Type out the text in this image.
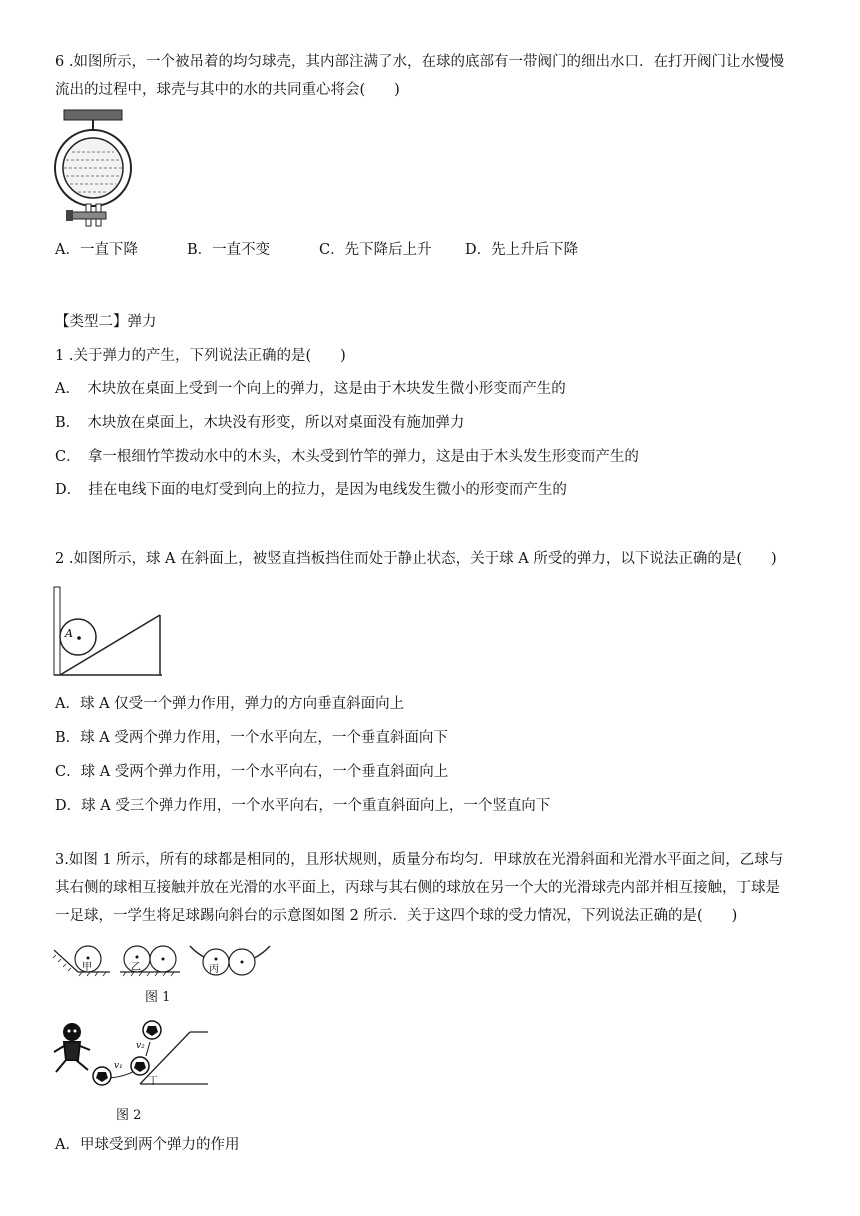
6 .如图所示，一个被吊着的均匀球壳，其内部注满了水，在球的底部有一带阀门的细出水口．在打开阀门让水慢慢
流出的过程中，球壳与其中的水的共同重心将会(　　)
A．一直下降	B．一直不变	C．先下降后上升 D．先上升后下降
【类型二】弹力
1 .关于弹力的产生，下列说法正确的是(　　)
A．　木块放在桌面上受到一个向上的弹力，这是由于木块发生微小形变而产生的
B．　木块放在桌面上，木块没有形变，所以对桌面没有施加弹力
C．　拿一根细竹竿拨动水中的木头，木头受到竹竿的弹力，这是由于木头发生形变而产生的
D．　挂在电线下面的电灯受到向上的拉力，是因为电线发生微小的形变而产生的
2 .如图所示，球 A 在斜面上，被竖直挡板挡住而处于静止状态，关于球 A 所受的弹力，以下说法正确的是(　　)
A
A．球 A 仅受一个弹力作用，弹力的方向垂直斜面向上
B．球 A 受两个弹力作用，一个水平向左，一个垂直斜面向下
C．球 A 受两个弹力作用，一个水平向右，一个垂直斜面向上
D．球 A 受三个弹力作用，一个水平向右，一个重直斜面向上，一个竖直向下
3.如图 1 所示，所有的球都是相同的，且形状规则，质量分布均匀．甲球放在光滑斜面和光滑水平面之间，乙球与
其右侧的球相互接触并放在光滑的水平面上，丙球与其右侧的球放在另一个大的光滑球壳内部并相互接触，丁球是
一足球，一学生将足球踢向斜台的示意图如图 2 所示．关于这四个球的受力情况，下列说法正确的是(　　)
甲	乙	丙
图 1
v₁
丁
v₂
图 2
A．甲球受到两个弹力的作用
